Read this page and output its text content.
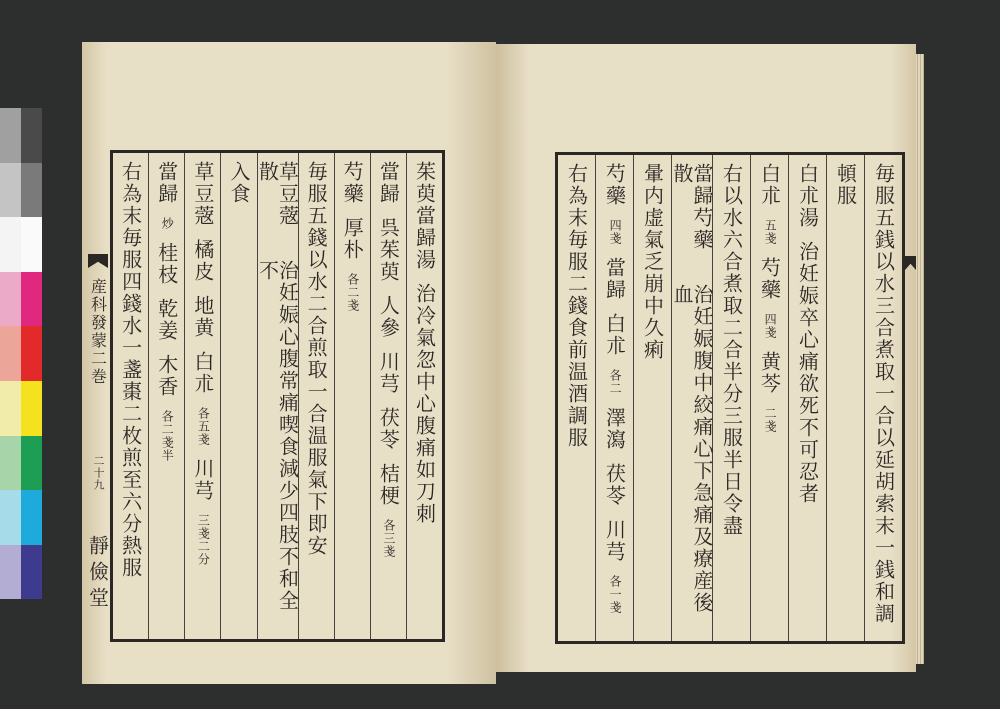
産科發蒙二巻
二十九
靜儉堂
茱萸當歸湯
治冷氣忽中心腹痛如刀刺
當歸
呉茱萸
人參
川芎
茯苓
桔梗
各三戔
芍藥
厚朴
各二戔
毎服五錢以水二合煎取一合温服氣下即安
草豆蔲散
治妊娠心腹常痛喫食減少四肢不和全不
入食
草豆蔲
橘皮
地黄
白朮
各五戔
川芎
三戔二分
當歸
炒
桂枝
乾姜
木香
各二戔半
右為末毎服四錢水一盞棗二枚煎至六分熱服	毎服五銭以水三合煮取一合以延胡索末一銭和調
頓服
白朮湯
治妊娠卒心痛欲死不可忍者
白朮
五戔
芍藥
四戔
黄芩
二戔
右以水六合煮取二合半分三服半日令盡
當歸芍藥散
治妊娠腹中絞痛心下急痛及療産後血
暈内虚氣乏崩中久痢
芍藥
四戔
當歸
白朮
各二
澤瀉
茯苓
川芎
各一戔
右為末毎服二錢食前温酒調服
